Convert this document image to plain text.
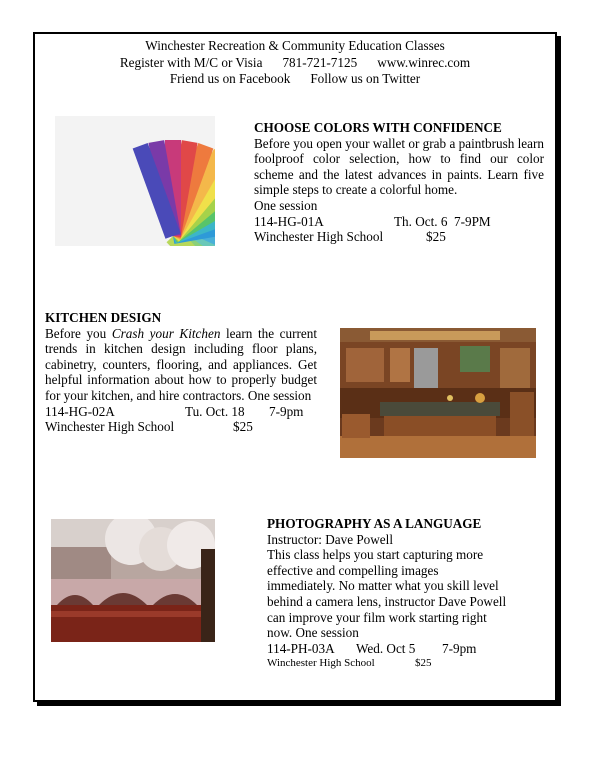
Winchester Recreation & Community Education Classes
Register with M/C or Visia 781-721-7125 www.winrec.com
Friend us on Facebook Follow us on Twitter
CHOOSE COLORS WITH CONFIDENCE
Before you open your wallet or grab a paintbrush learn foolproof color selection, how to find our color scheme and the latest advances in paints. Learn five simple steps to create a colorful home.
One session
114-HG-01A	Th. Oct. 6 7-9PM
Winchester High School	$25
KITCHEN DESIGN
Before you Crash your Kitchen learn the current trends in kitchen design including floor plans, cabinetry, counters, flooring, and appliances. Get helpful information about how to properly budget for your kitchen, and hire contractors. One session
114-HG-02A	Tu. Oct. 18 7-9pm
Winchester High School	$25
PHOTOGRAPHY AS A LANGUAGE
Instructor: Dave Powell
This class helps you start capturing more
effective and compelling images
immediately. No matter what you skill level
behind a camera lens, instructor Dave Powell
can improve your film work starting right
now. One session
114-PH-03A Wed. Oct 5 7-9pm
Winchester High School	$25
